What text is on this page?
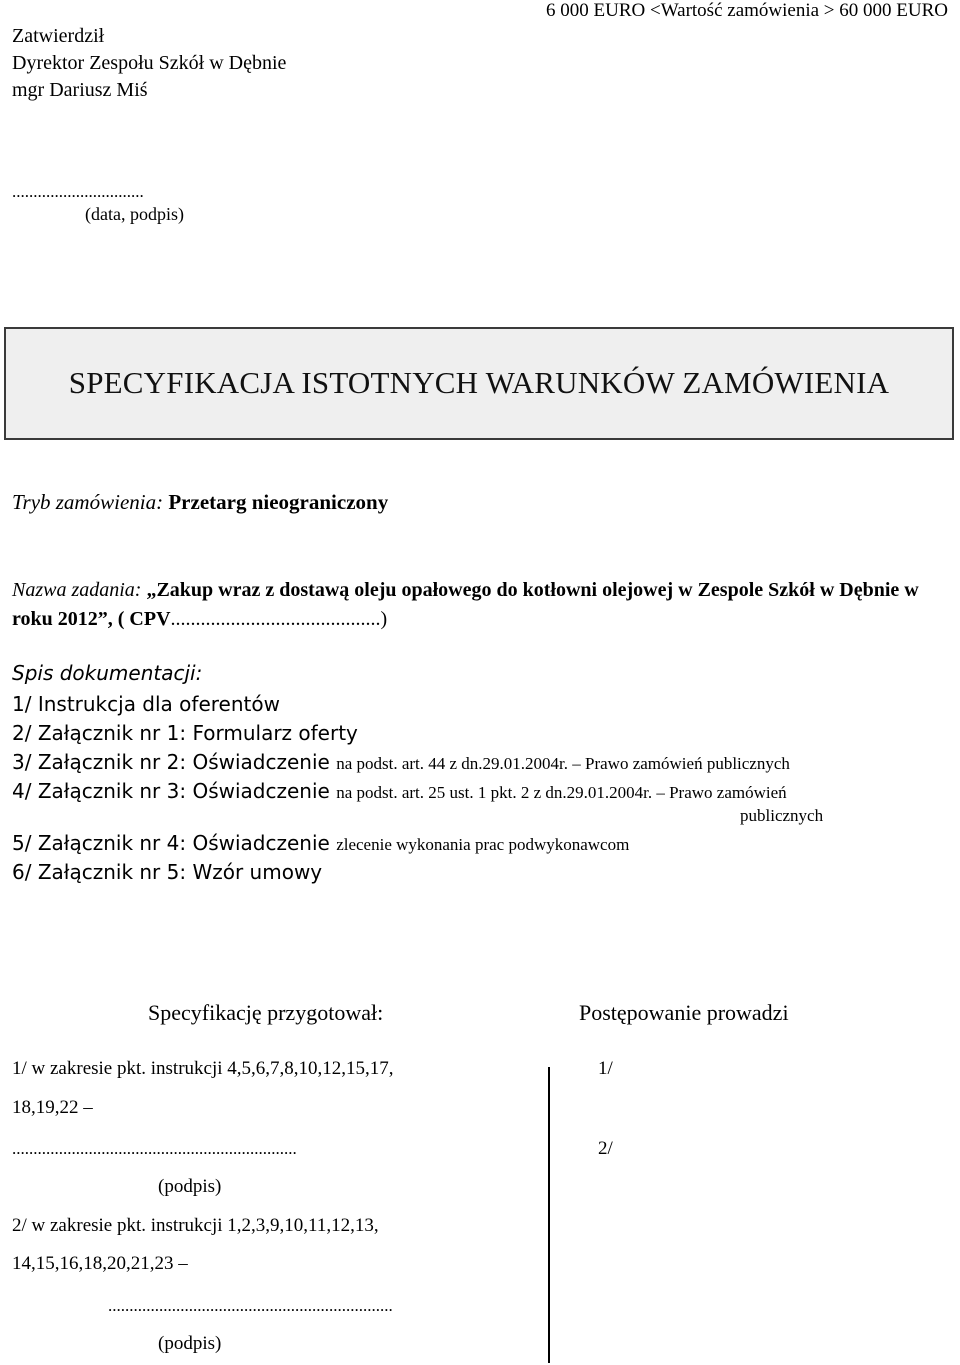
6 000 EURO <Wartość zamówienia > 60 000 EURO
Zatwierdził
Dyrektor Zespołu Szkół w Dębnie
mgr Dariusz Miś
...............................
(data, podpis)
SPECYFIKACJA ISTOTNYCH WARUNKÓW ZAMÓWIENIA
Tryb zamówienia: Przetarg nieograniczony
Nazwa zadania: „Zakup wraz z dostawą oleju opałowego do kotłowni olejowej w Zespole Szkół w Dębnie w roku 2012”, ( CPV..........................................)
Spis dokumentacji:
1/ Instrukcja dla oferentów
2/ Załącznik nr 1: Formularz oferty
3/ Załącznik nr 2: Oświadczenie na podst. art. 44 z dn.29.01.2004r. – Prawo zamówień publicznych
4/ Załącznik nr 3: Oświadczenie na podst. art. 25 ust. 1 pkt. 2 z dn.29.01.2004r. – Prawo zamówień
publicznych
5/ Załącznik nr 4: Oświadczenie zlecenie wykonania prac podwykonawcom
6/ Załącznik nr 5: Wzór umowy
Specyfikację przygotował:	Postępowanie prowadzi
1/ w zakresie pkt. instrukcji 4,5,6,7,8,10,12,15,17,
18,19,22 –
...................................................................
(podpis)
2/ w zakresie pkt. instrukcji 1,2,3,9,10,11,12,13,
14,15,16,18,20,21,23 –
...................................................................
(podpis)
1/
2/
